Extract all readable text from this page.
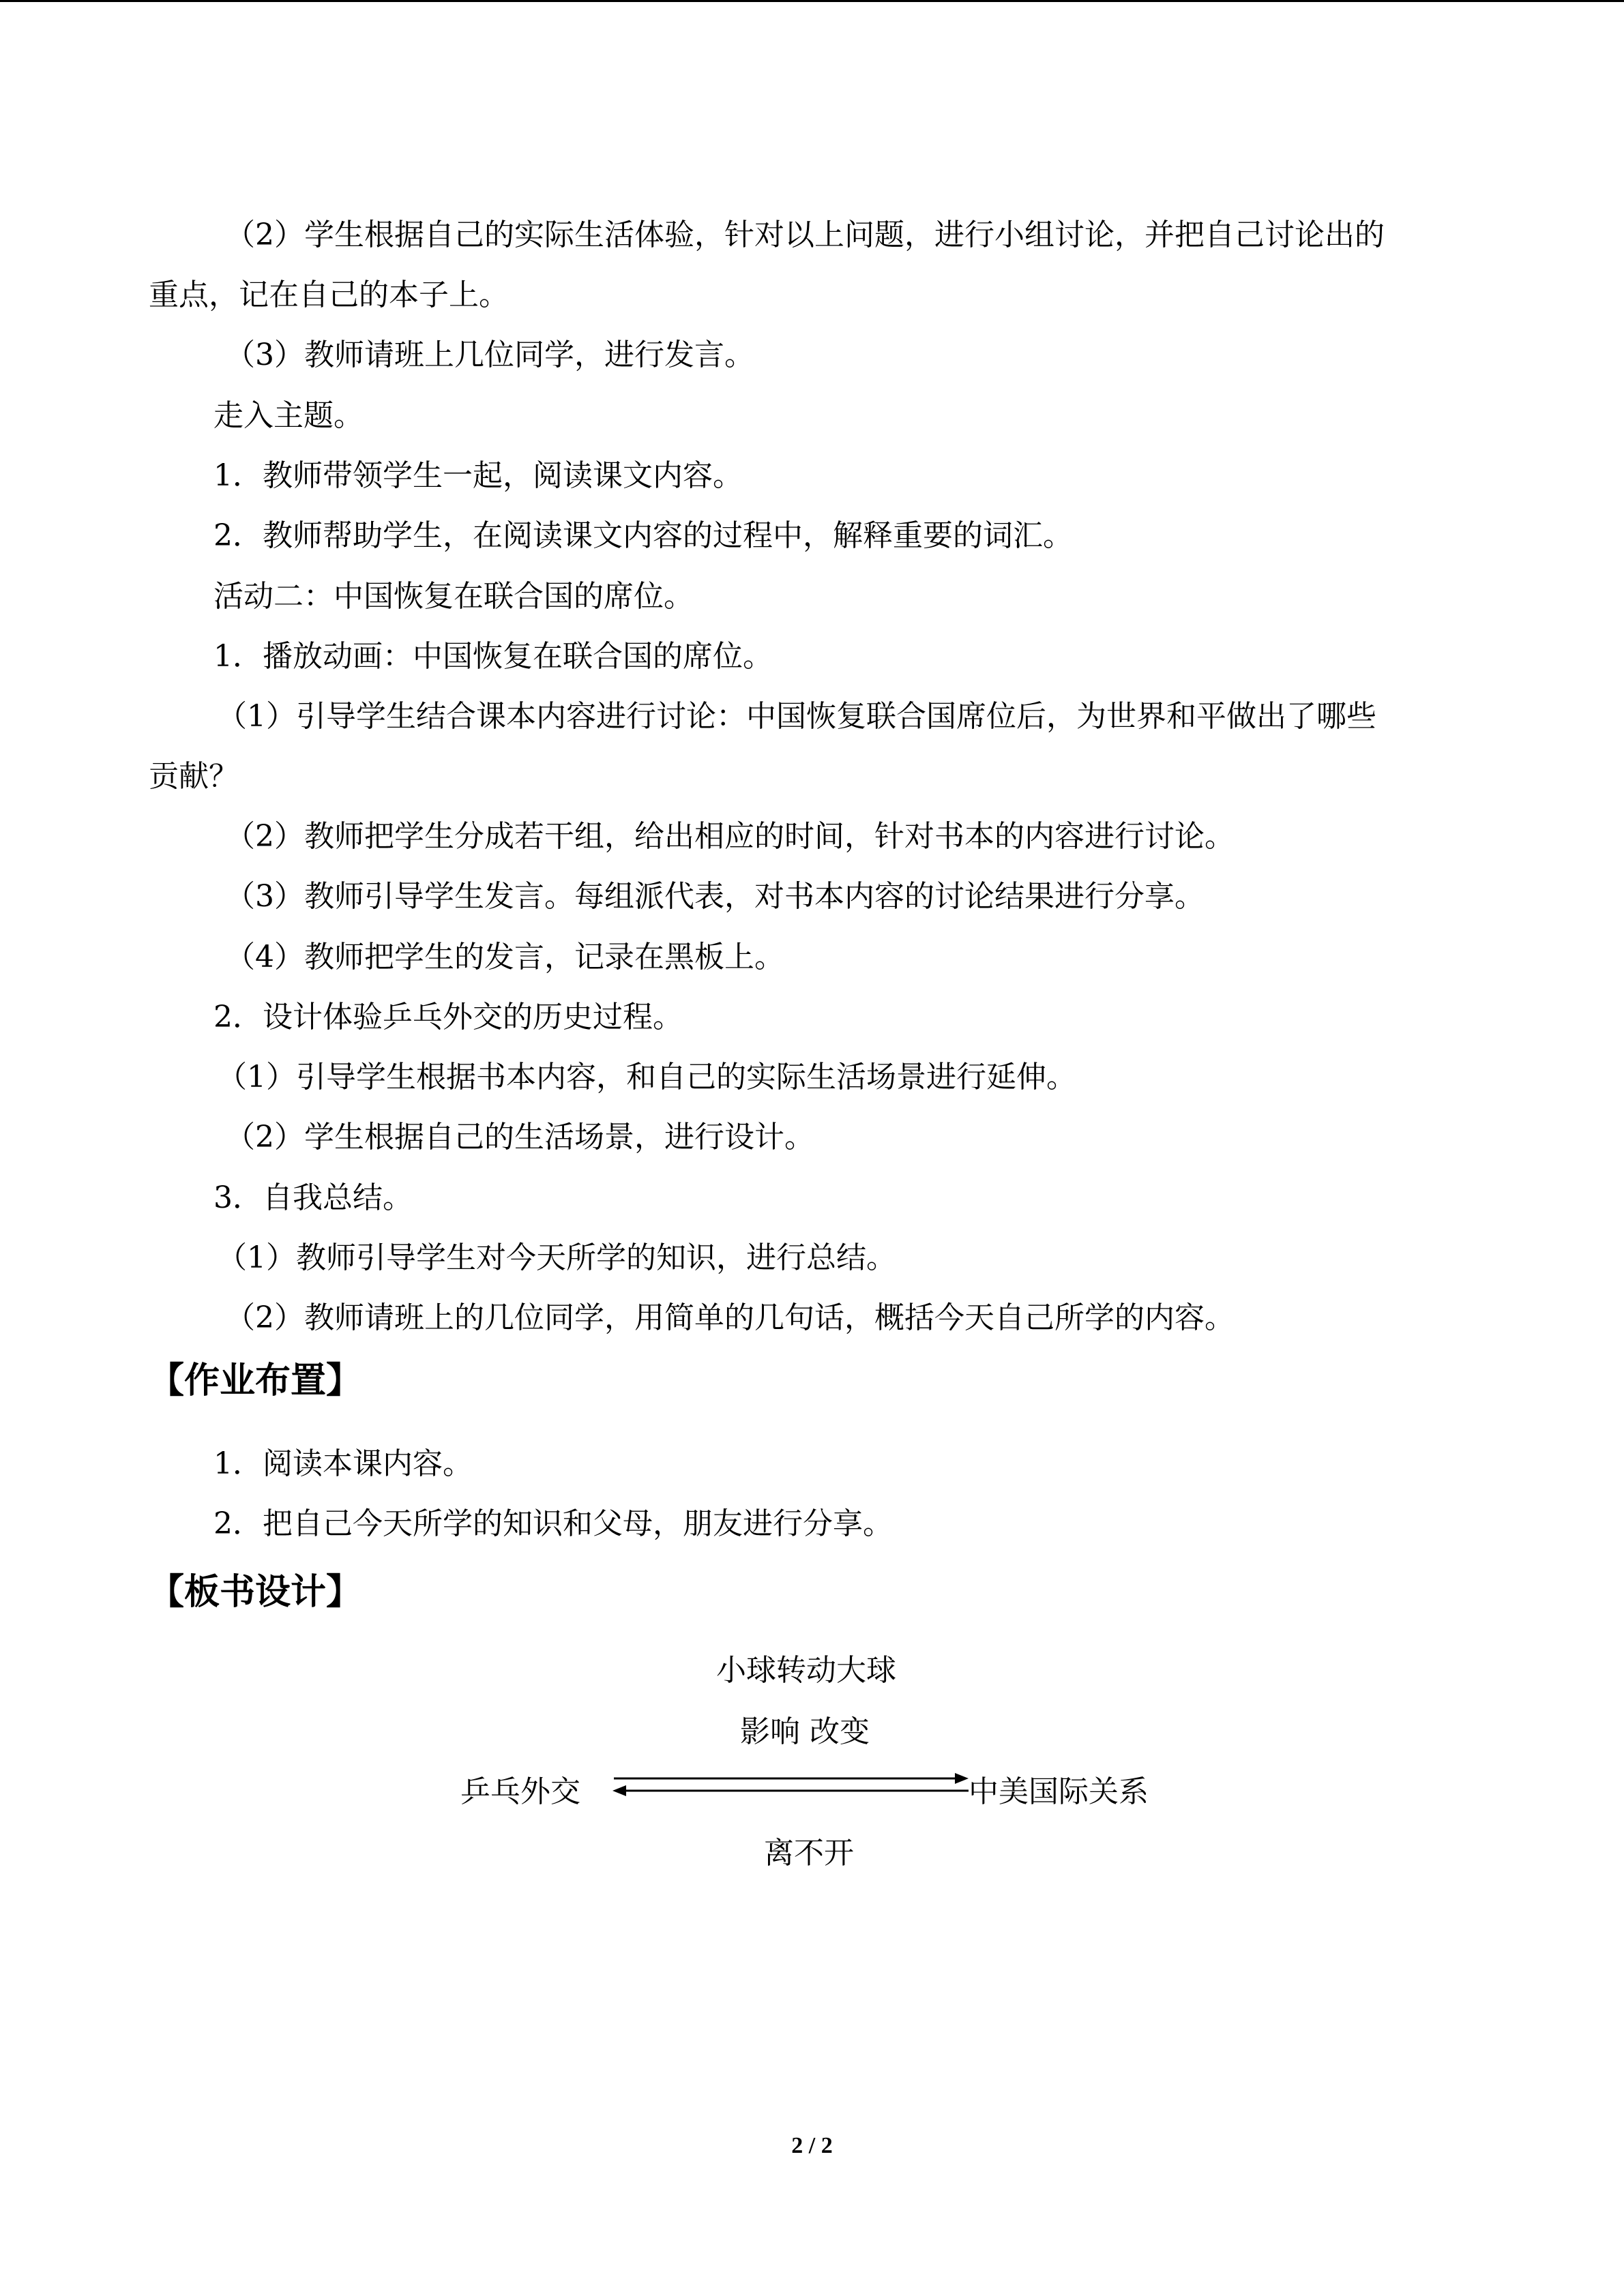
（2）学生根据自己的实际生活体验，针对以上问题，进行小组讨论，并把自己讨论出的
重点，记在自己的本子上。
（3）教师请班上几位同学，进行发言。
走入主题。
1．教师带领学生一起，阅读课文内容。
2．教师帮助学生，在阅读课文内容的过程中，解释重要的词汇。
活动二：中国恢复在联合国的席位。
1．播放动画：中国恢复在联合国的席位。
（1）引导学生结合课本内容进行讨论：中国恢复联合国席位后，为世界和平做出了哪些
贡献？
（2）教师把学生分成若干组，给出相应的时间，针对书本的内容进行讨论。
（3）教师引导学生发言。每组派代表，对书本内容的讨论结果进行分享。
（4）教师把学生的发言，记录在黑板上。
2．设计体验乒乓外交的历史过程。
（1）引导学生根据书本内容，和自己的实际生活场景进行延伸。
（2）学生根据自己的生活场景，进行设计。
3．自我总结。
（1）教师引导学生对今天所学的知识，进行总结。
（2）教师请班上的几位同学，用简单的几句话，概括今天自己所学的内容。
【作业布置】
1．阅读本课内容。
2．把自己今天所学的知识和父母，朋友进行分享。
【板书设计】
小球转动大球
影响 改变
乒乓外交	中美国际关系
离不开
2 / 2
